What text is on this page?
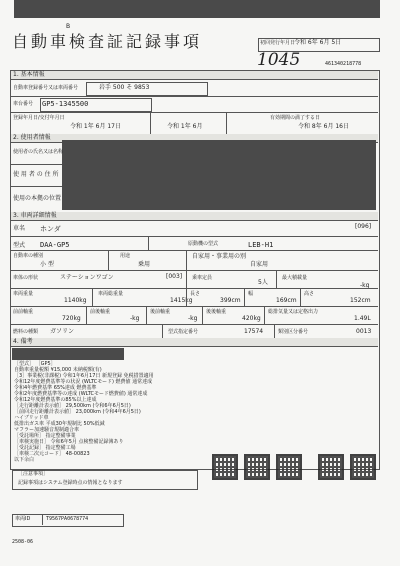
B
自動車検査証記録事項	初回発行年月日
令和 6年 6月 5日
1045	461340218778
1. 基本情報
自動車登録番号又は車両番号	岩手 500 そ 9853
車台番号 GP5-1345500
登録年月日/交付年月日
令和 1年 6月 17日	令和 1年 6月
有効期間の満了する日
令和 8年 6月 16日
2. 使用者情報
使用者の氏名又は名称
使 用 者 の 住 所
使用の本拠の位置
3. 車両詳細情報
車名 ホンダ	[096]
型式 DAA-GP5	原動機の型式	LEB-H1
自動車の種別
小 型
用途
乗用
自家用・事業用の別
自家用
車体の形状	ステーションワゴン	[003] 乗車定員
5人
最大積載量
-kg
車両重量
1140kg
車両総重量
1415kg
長さ
399cm
幅
169cm
高さ
152cm
前前軸重
720kg
前後軸重
-kg
後前軸重
-kg
後後軸重
420kg
総排気量又は定格出力
1.49L
燃料の種類 ガソリン	型式指定番号	17574	類別区分番号	0013
4. 備考
［型式］ ［GP5］
自動車重量税額 ¥15,000 未納税額(有)
［3］事業税(非課税) 令和1年6月17日 新規登録 免税措置適用
令和12年度燃費基準等の状況 (WLTCモード) 燃費値 通常達成
令和4年燃費基準 65%達成 燃費基準
令和2年度燃費基準等の達成 (WLTCモード燃費値) 通常達成
令和12年度燃費基準の85%以上達成
［走行距離計表示値］ 29,500km (令和6年6月5日)
［前回走行距離計表示値］ 23,000km (令和4年6月5日)
ハイブリッド車
低排出ガス車 平成30年規制比 50%低減
マフラー加速騒音規制適合車
［受託場所］ 指定整備事業
［車検実施日］ 令和6年5月 点検整備記録簿あり
［受託記録］ 指定整備工場
［車検二次元コード］ 48-00823
以下余白
［注意事項］
記録事項はシステム登録時点の情報となります
車両ID	T9567PA0678774
2508-06
